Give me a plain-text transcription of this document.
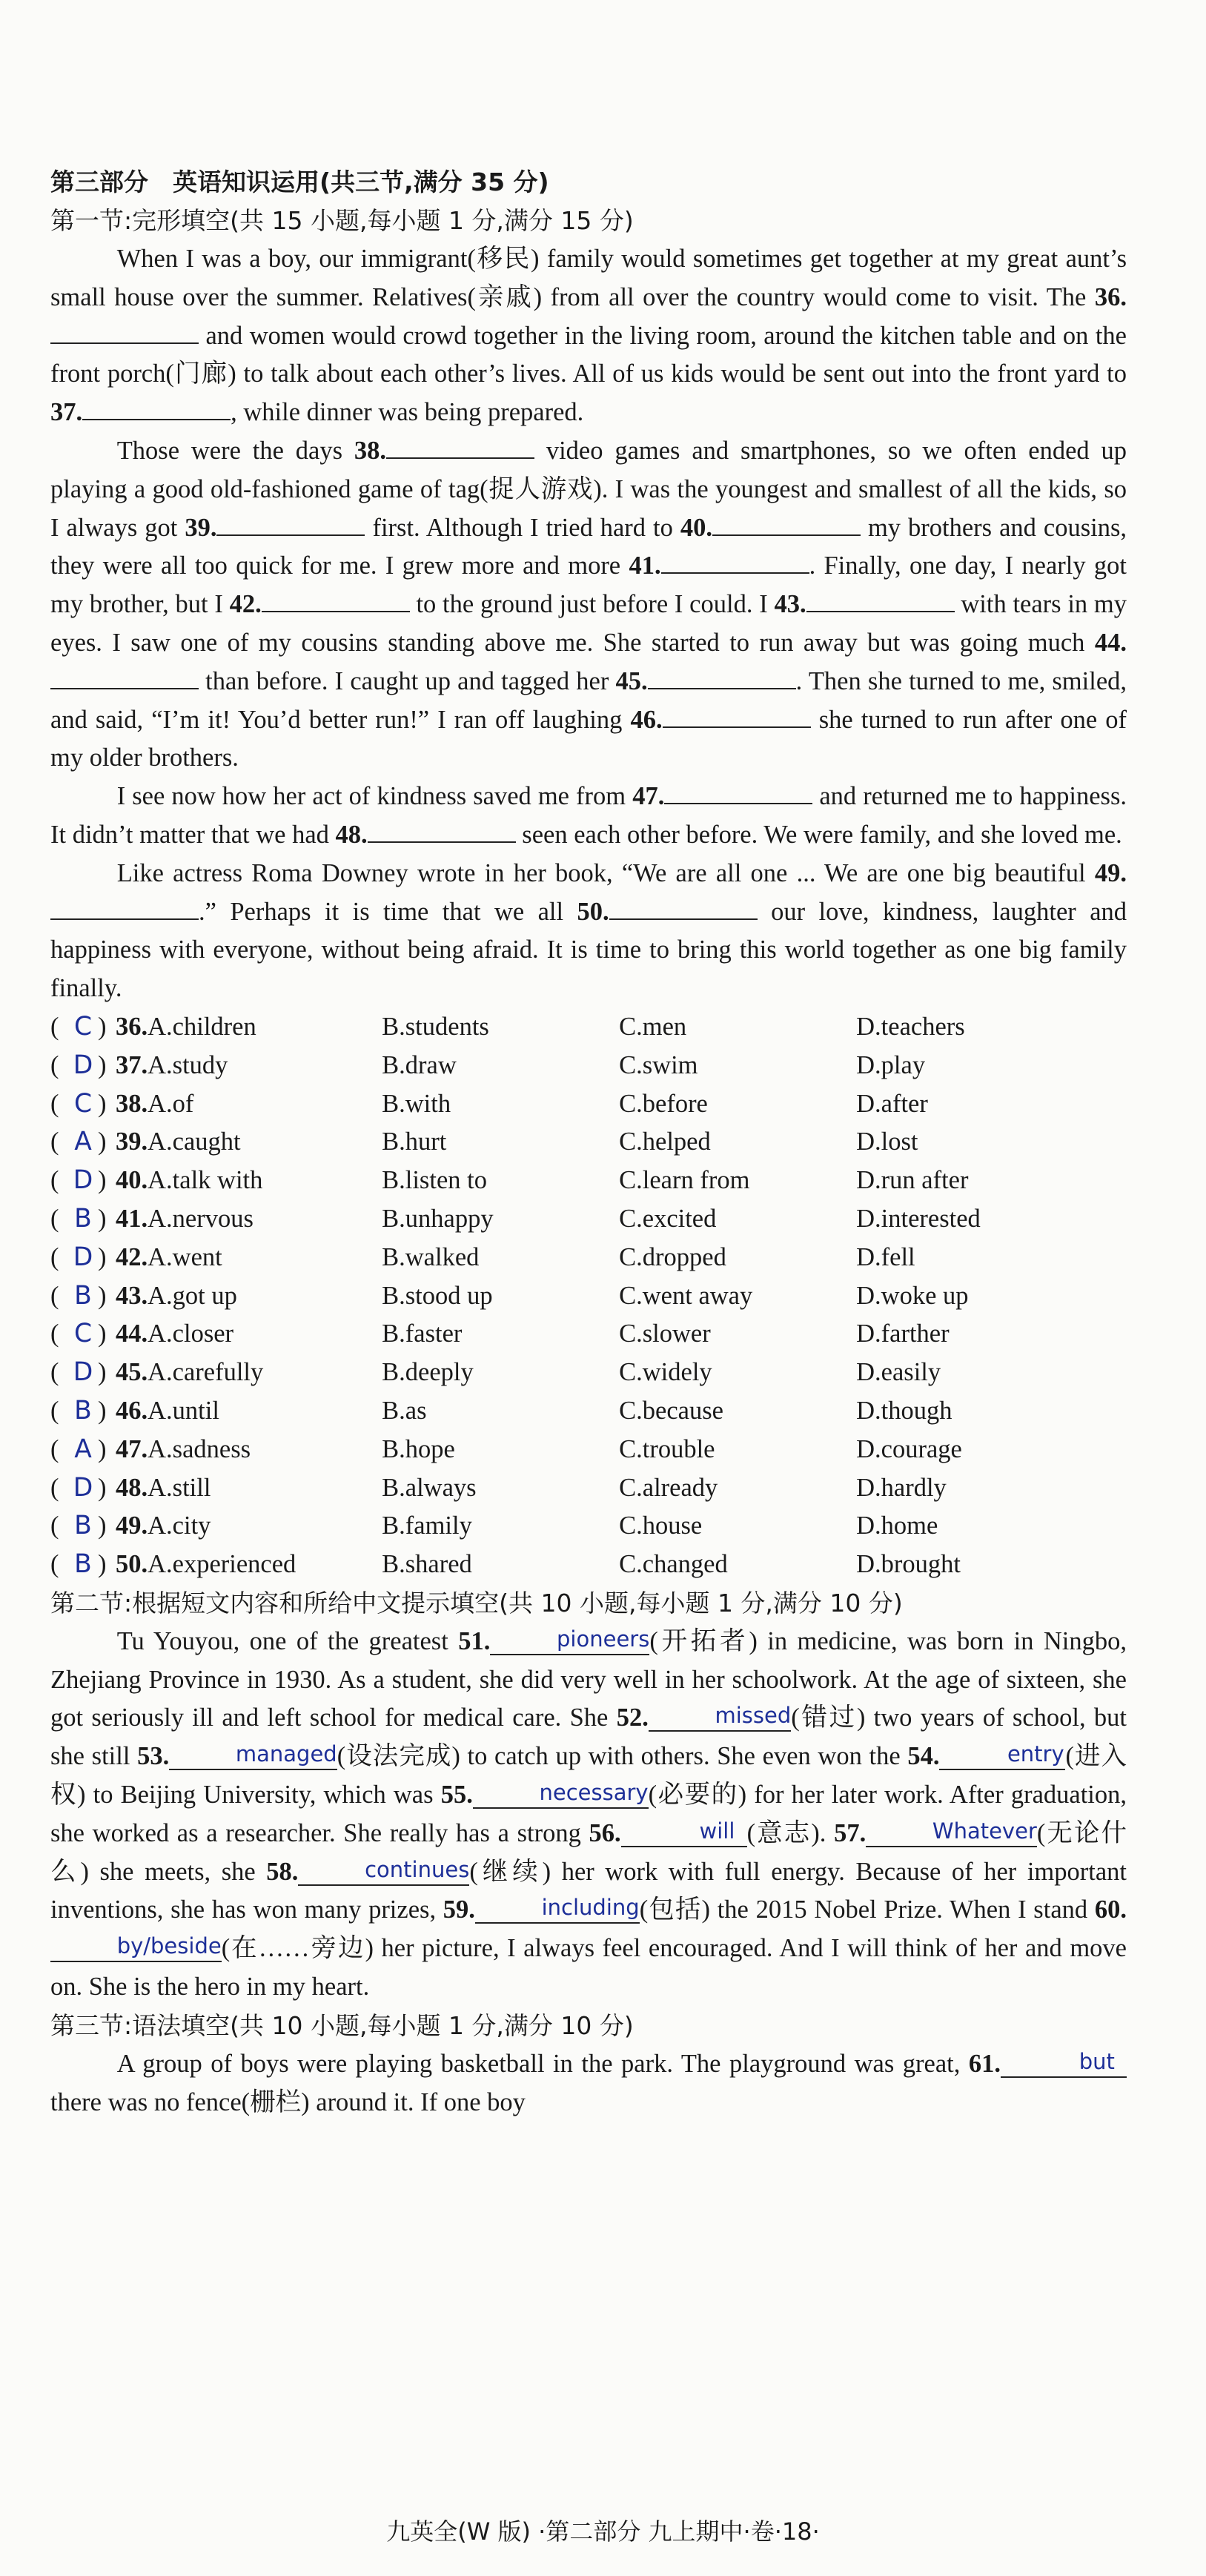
第三部分　英语知识运用(共三节,满分 35 分)
第一节:完形填空(共 15 小题,每小题 1 分,满分 15 分)

When I was a boy, our immigrant(移民) family would sometimes get together at my great aunt’s small house over the summer. Relatives(亲戚) from all over the country would come to visit. The 36. and women would crowd together in the living room, around the kitchen table and on the front porch(门廊) to talk about each other’s lives. All of us kids would be sent out into the front yard to 37.	, while dinner was being prepared.

Those were the days 38.	video games and smartphones, so we often ended up playing a good old-fashioned game of tag(捉人游戏). I was the youngest and smallest of all the kids, so I always got 39.	first. Although I tried hard to 40.	my brothers and cousins, they were all too quick for me. I grew more and more 41.	. Finally, one day, I nearly got my brother, but I 42.	to the ground just before I could. I 43.	with tears in my eyes. I saw one of my cousins standing above me. She started to run away but was going much 44. than before. I caught up and tagged her 45.	. Then she turned to me, smiled, and said, “I’m it! You’d better run!” I ran off laughing 46.	she turned to run after one of my older brothers.

I see now how her act of kindness saved me from 47.	and returned me to happiness. It didn’t matter that we had 48.	seen each other before. We were family, and she loved me.

Like actress Roma Downey wrote in her book, “We are all one ... We are one big beautiful 49..” Perhaps it is time that we all 50.	our love, kindness, laughter and happiness with everyone, without being afraid. It is time to bring this world together as one big family finally.

( C ) 36. A.children	B.students	C.men	D.teachers
( D ) 37. A.study	B.draw	C.swim	D.play
( C ) 38. A.of	B.with	C.before	D.after
( A ) 39. A.caught	B.hurt	C.helped	D.lost
( D ) 40. A.talk with	B.listen to	C.learn from	D.run after
( B ) 41. A.nervous	B.unhappy	C.excited	D.interested
( D ) 42. A.went	B.walked	C.dropped	D.fell
( B ) 43. A.got up	B.stood up	C.went away	D.woke up
( C ) 44. A.closer	B.faster	C.slower	D.farther
( D ) 45. A.carefully	B.deeply	C.widely	D.easily
( B ) 46. A.until	B.as	C.because	D.though
( A ) 47. A.sadness	B.hope	C.trouble	D.courage
( D ) 48. A.still	B.always	C.already	D.hardly
( B ) 49. A.city	B.family	C.house	D.home
( B ) 50. A.experienced	B.shared	C.changed	D.brought
第二节:根据短文内容和所给中文提示填空(共 10 小题,每小题 1 分,满分 10 分)

Tu Youyou, one of the greatest 51.	pioneers(开拓者) in medicine, was born in Ningbo, Zhejiang Province in 1930. As a student, she did very well in her schoolwork. At the age of sixteen, she got seriously ill and left school for medical care. She 52.	missed(错过) two years of school, but she still 53.	managed(设法完成) to catch up with others. She even won the 54.	entry(进入权) to Beijing University, which was 55.	necessary(必要的) for her later work. After graduation, she worked as a researcher. She really has a strong 56.	will (意志). 57.	Whatever(无论什么) she meets, she 58.	continues(继续) her work with full energy. Because of her important inventions, she has won many prizes, 59.	including(包括) the 2015 Nobel Prize. When I stand 60.by/beside(在……旁边) her picture, I always feel encouraged. And I will think of her and move on. She is the hero in my heart.

第三节:语法填空(共 10 小题,每小题 1 分,满分 10 分)

A group of boys were playing basketball in the park. The playground was great, 61.	but there was no fence(栅栏) around it. If one boy

九英全(W 版) ·第二部分 九上期中·卷·18·
